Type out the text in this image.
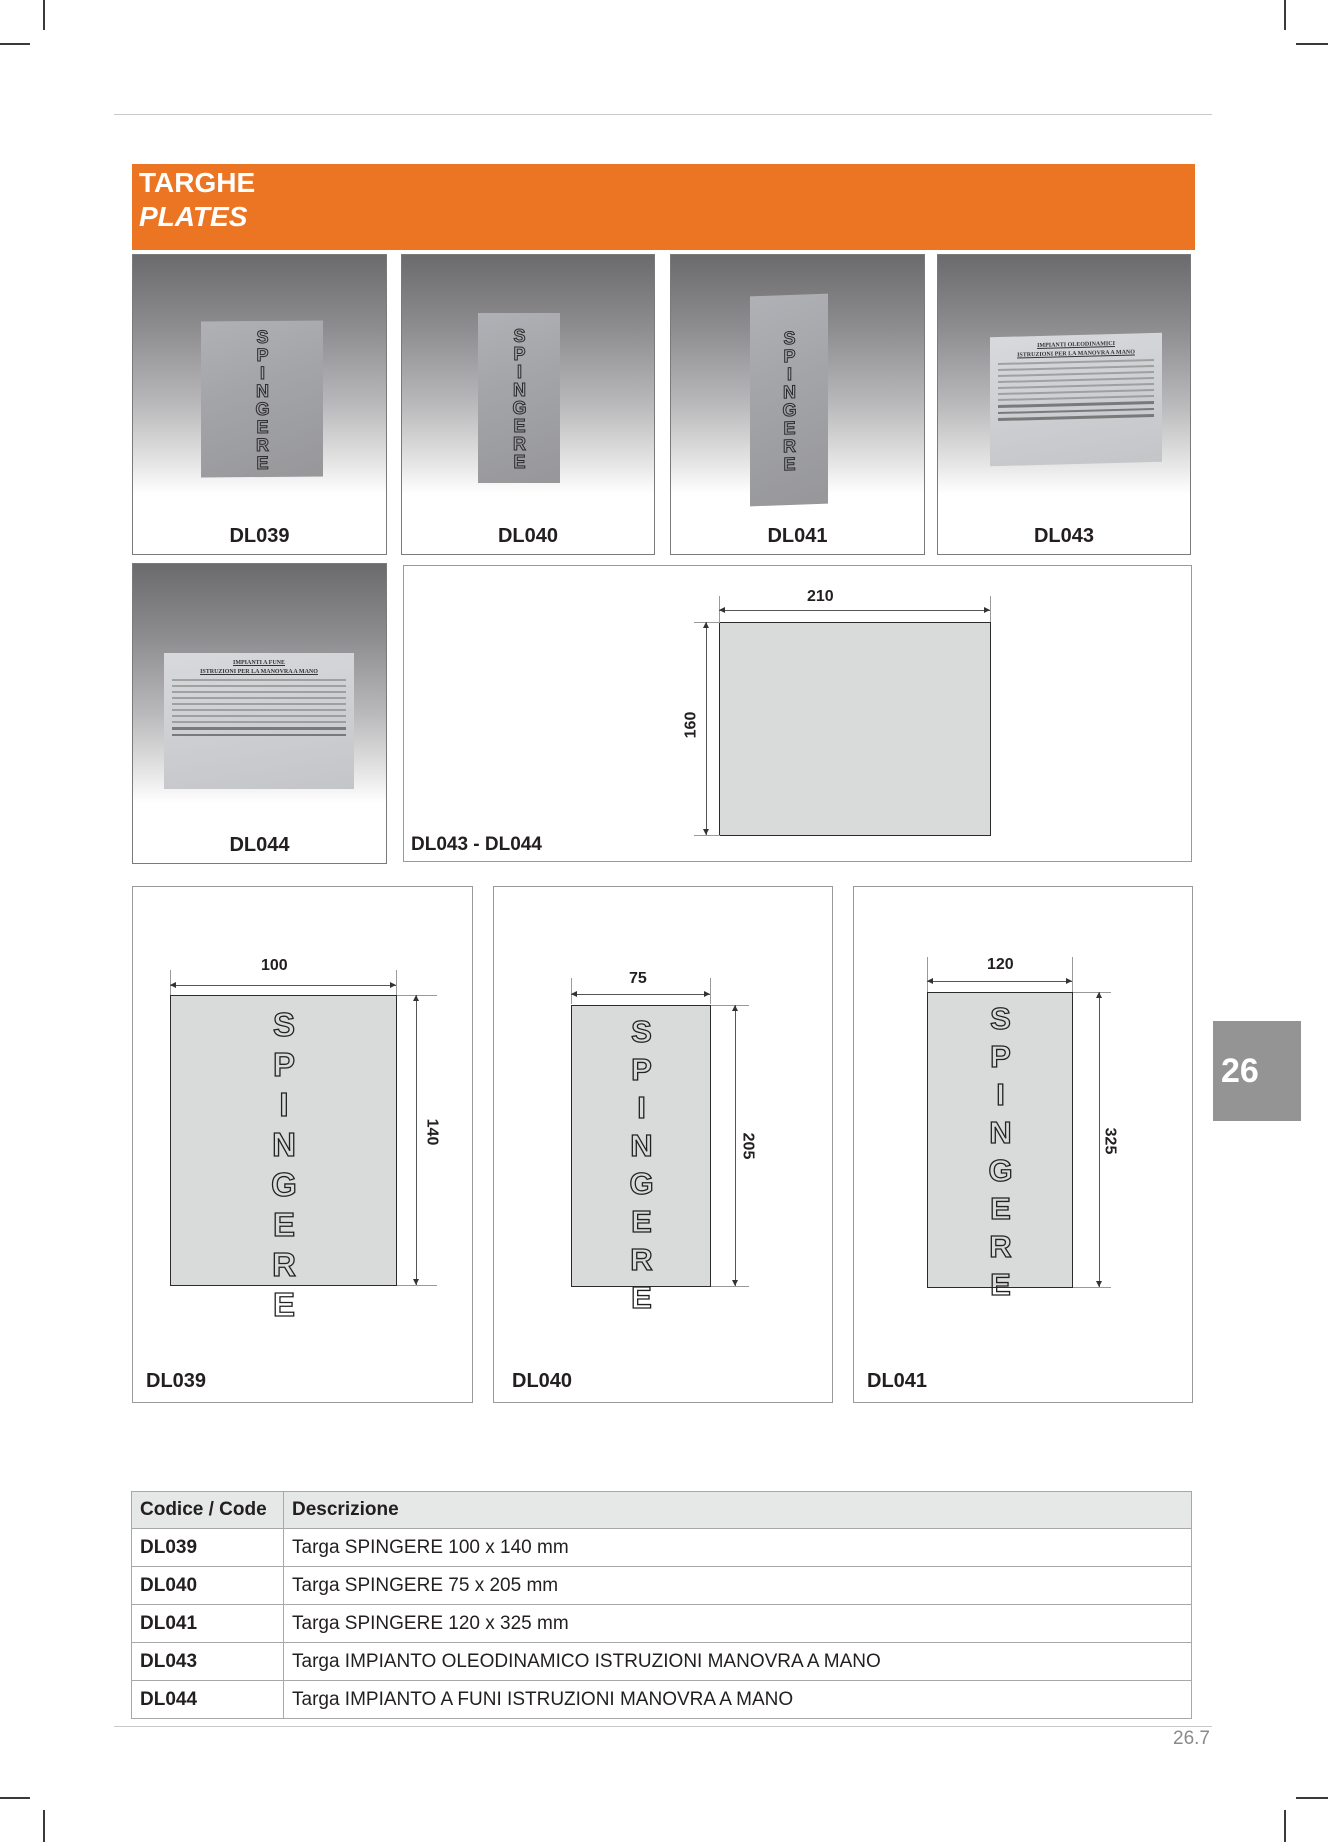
TARGHE
PLATES
SPINGERE
DL039
SPINGERE
DL040
SPINGERE
DL041
IMPIANTI OLEODINAMICI
ISTRUZIONI PER LA MANOVRA A MANO
DL043
IMPIANTI A FUNE
ISTRUZIONI PER LA MANOVRA A MANO
DL044
210
160
DL043 - DL044
100
SPINGERE	140
DL039
75
SPINGERE	205
DL040
120
SPINGERE	325
DL041
Codice / Code	Descrizione
DL039	Targa SPINGERE 100 x 140 mm
DL040	Targa SPINGERE 75 x 205 mm
DL041	Targa SPINGERE 120 x 325 mm
DL043	Targa IMPIANTO OLEODINAMICO ISTRUZIONI MANOVRA A MANO
DL044	Targa IMPIANTO A FUNI ISTRUZIONI MANOVRA A MANO
26.7
26
